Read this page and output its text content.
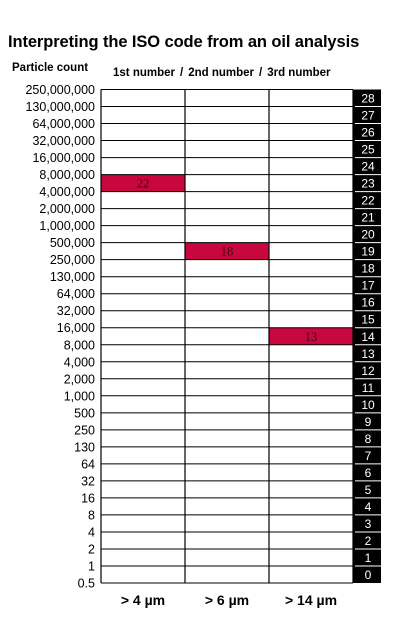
Interpreting the ISO code from an oil analysis
Particle count 1st number / 2nd number / 3rd number
22
18
13
28
27
26
25
24
23
22
21
20
19
18
17
16
15
14
13
12
11
10
9
8
7
6
5
4
3
2
1
0
250,000,000
130,000,000
64,000,000
32,000,000
16,000,000
8,000,000
4,000,000
2,000,000
1,000,000
500,000
250,000
130,000
64,000
32,000
16,000
8,000
4,000
2,000
1,000
500
250
130
64
32
16
8
4
2
1
0.5
> 4 µm	> 6 µm	> 14 µm
